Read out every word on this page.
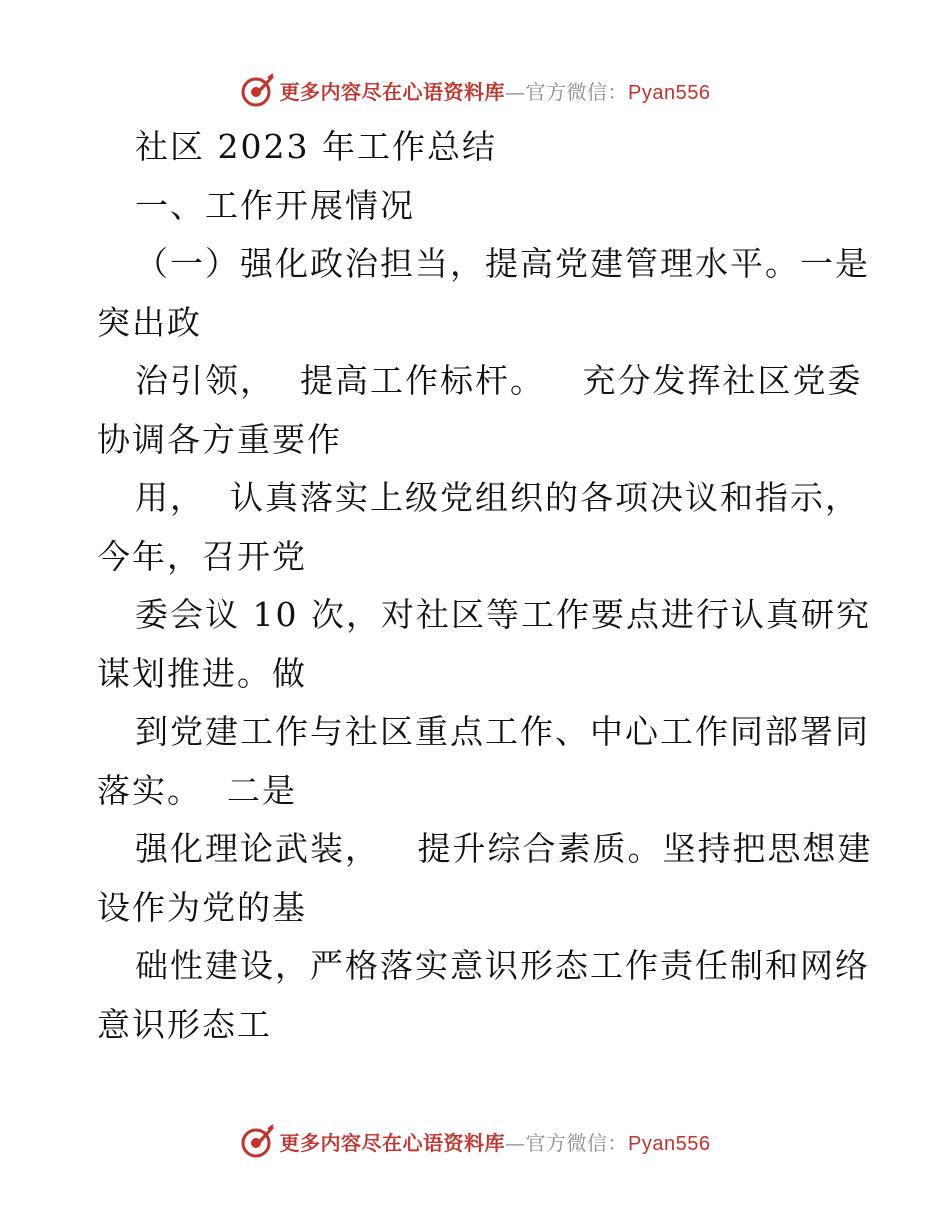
更多内容尽在心语资料库—官方微信：Pyan556
社区 2023 年工作总结
一、工作开展情况
（一）强化政治担当，提高党建管理水平。一是
突出政
治引领，  提高工作标杆。   充分发挥社区党委
协调各方重要作
用，  认真落实上级党组织的各项决议和指示，
今年，召开党
委会议 10 次，对社区等工作要点进行认真研究
谋划推进。做
到党建工作与社区重点工作、中心工作同部署同
落实。  二是
强化理论武装，   提升综合素质。坚持把思想建
设作为党的基
础性建设，严格落实意识形态工作责任制和网络
意识形态工
更多内容尽在心语资料库—官方微信：Pyan556
